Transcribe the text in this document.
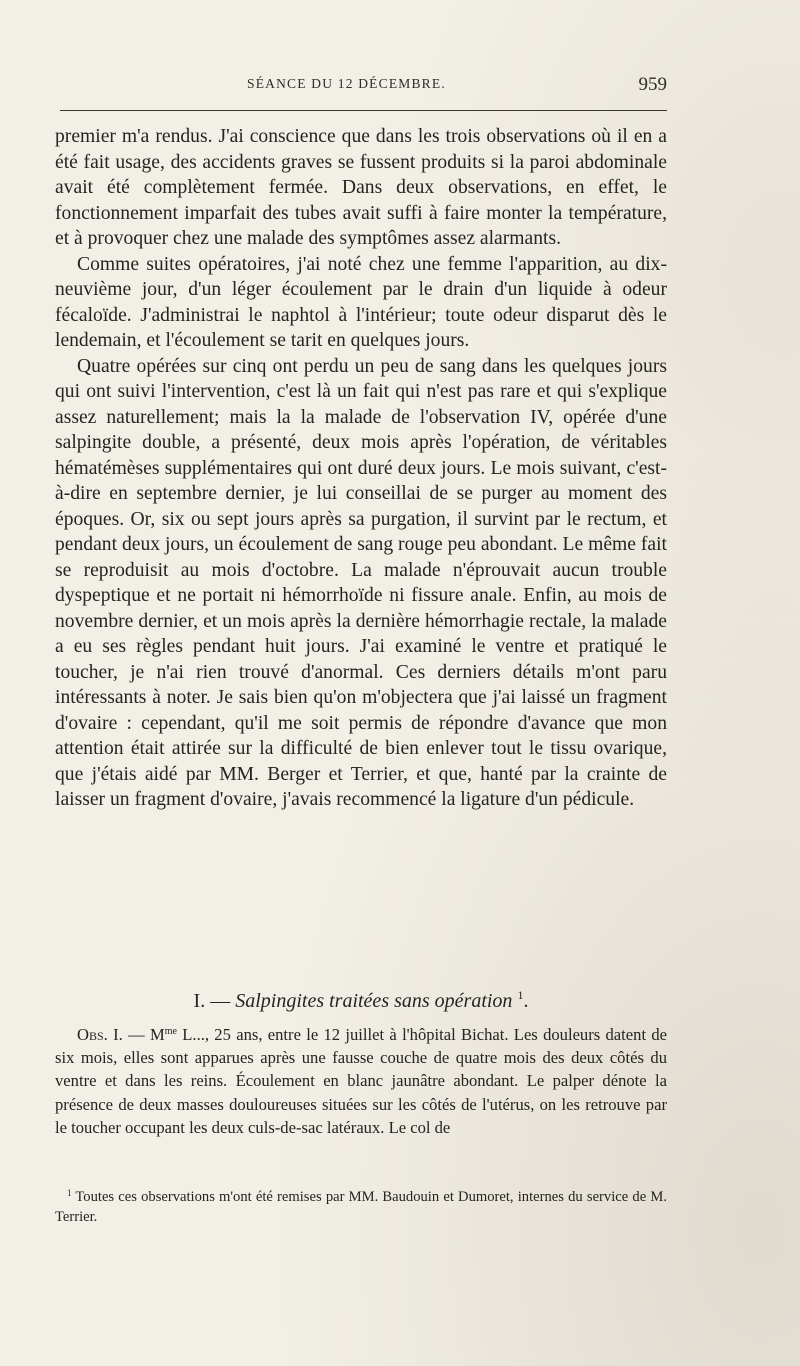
SÉANCE DU 12 DÉCEMBRE.	959

premier m'a rendus. J'ai conscience que dans les trois observations où il en a été fait usage, des accidents graves se fussent produits si la paroi abdominale avait été complètement fermée. Dans deux observations, en effet, le fonctionnement imparfait des tubes avait suffi à faire monter la température, et à provoquer chez une malade des symptômes assez alarmants.

Comme suites opératoires, j'ai noté chez une femme l'apparition, au dix-neuvième jour, d'un léger écoulement par le drain d'un liquide à odeur fécaloïde. J'administrai le naphtol à l'intérieur; toute odeur disparut dès le lendemain, et l'écoulement se tarit en quelques jours.

Quatre opérées sur cinq ont perdu un peu de sang dans les quelques jours qui ont suivi l'intervention, c'est là un fait qui n'est pas rare et qui s'explique assez naturellement; mais la la malade de l'observation IV, opérée d'une salpingite double, a présenté, deux mois après l'opération, de véritables hématémèses supplémentaires qui ont duré deux jours. Le mois suivant, c'est-à-dire en septembre dernier, je lui conseillai de se purger au moment des époques. Or, six ou sept jours après sa purgation, il survint par le rectum, et pendant deux jours, un écoulement de sang rouge peu abondant. Le même fait se reproduisit au mois d'octobre. La malade n'éprouvait aucun trouble dyspeptique et ne portait ni hémorrhoïde ni fissure anale. Enfin, au mois de novembre dernier, et un mois après la dernière hémorrhagie rectale, la malade a eu ses règles pendant huit jours. J'ai examiné le ventre et pratiqué le toucher, je n'ai rien trouvé d'anormal. Ces derniers détails m'ont paru intéressants à noter. Je sais bien qu'on m'objectera que j'ai laissé un fragment d'ovaire : cependant, qu'il me soit permis de répondre d'avance que mon attention était attirée sur la difficulté de bien enlever tout le tissu ovarique, que j'étais aidé par MM. Berger et Terrier, et que, hanté par la crainte de laisser un fragment d'ovaire, j'avais recommencé la ligature d'un pédicule.

I. — Salpingites traitées sans opération $^1$.

Obs. I. — $M^{me}$ L..., 25 ans, entre le 12 juillet à l'hôpital Bichat. Les douleurs datent de six mois, elles sont apparues après une fausse couche de quatre mois des deux côtés du ventre et dans les reins. Écoulement en blanc jaunâtre abondant. Le palper dénote la présence de deux masses douloureuses situées sur les côtés de l'utérus, on les retrouve par le toucher occupant les deux culs-de-sac latéraux. Le col de

$^1$ Toutes ces observations m'ont été remises par MM. Baudouin et Dumoret, internes du service de M. Terrier.
